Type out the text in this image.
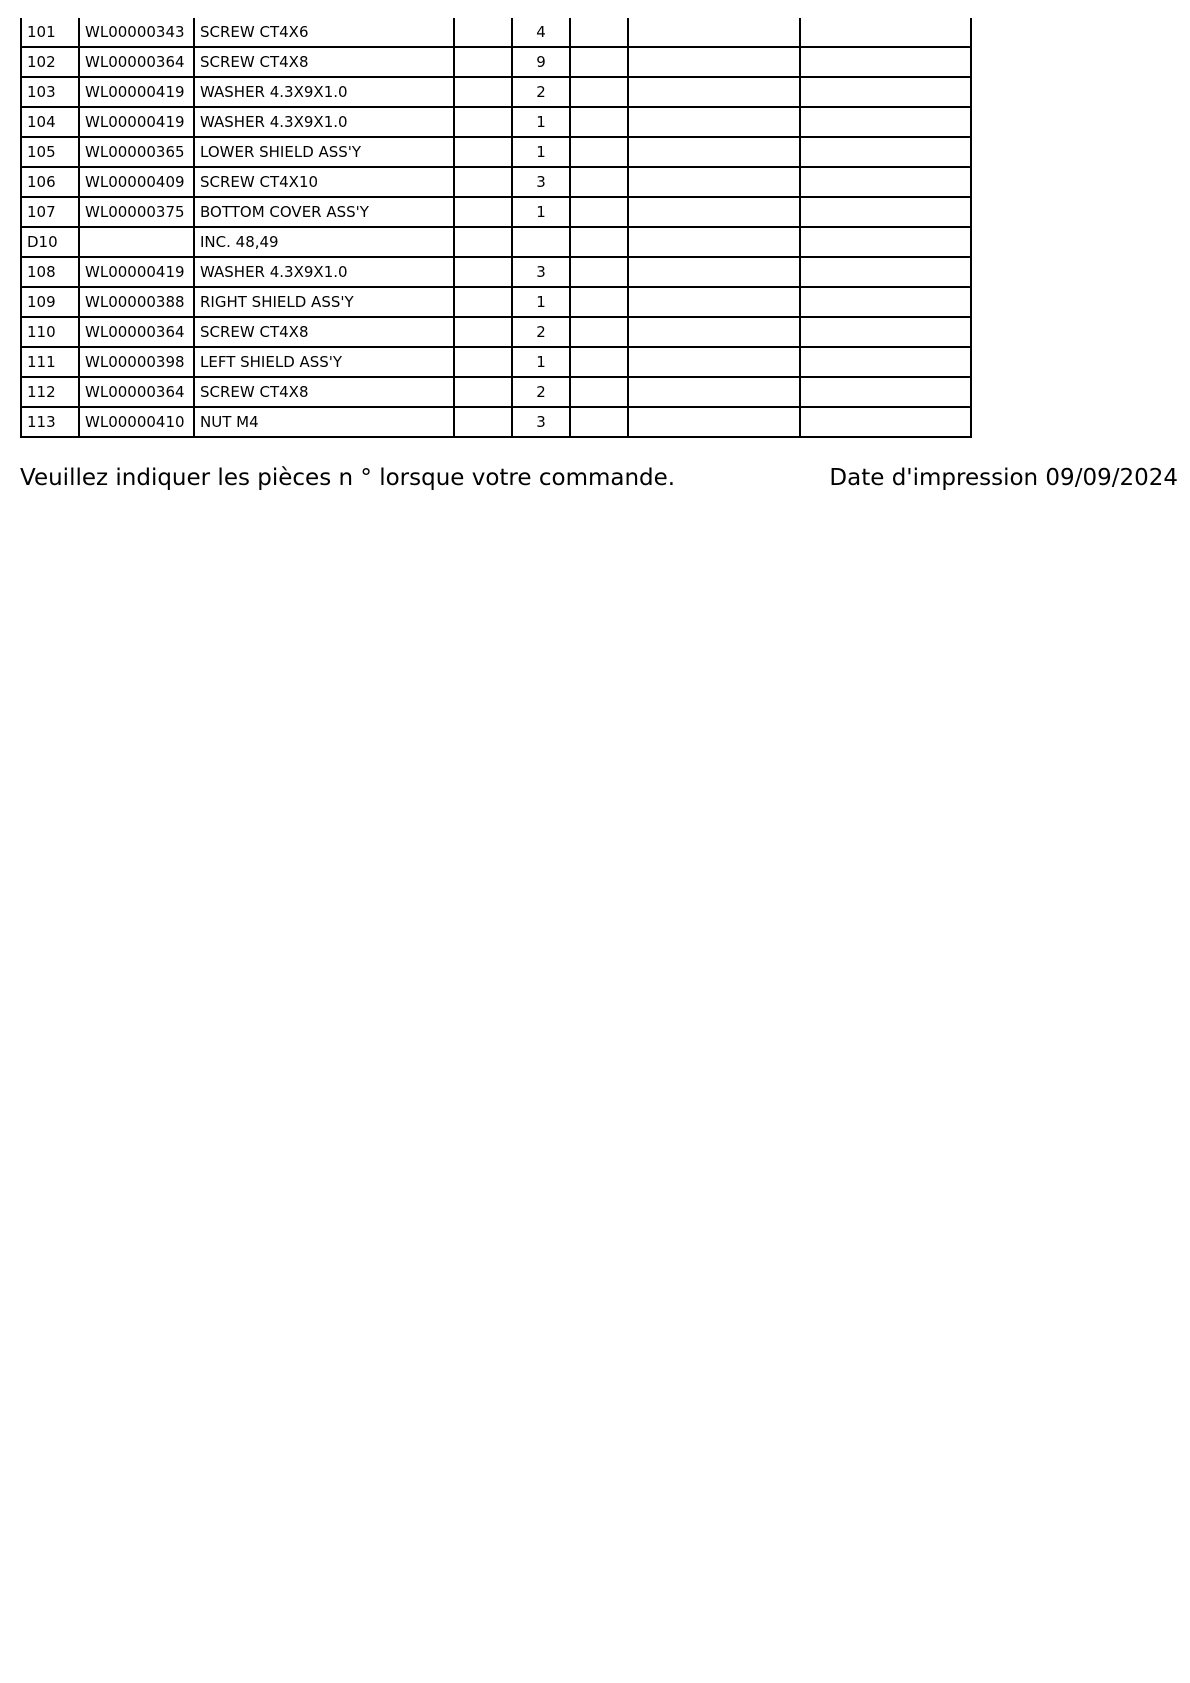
101	WL00000343	SCREW CT4X6		4			
102	WL00000364	SCREW CT4X8		9			
103	WL00000419	WASHER 4.3X9X1.0		2			
104	WL00000419	WASHER 4.3X9X1.0		1			
105	WL00000365	LOWER SHIELD ASS'Y		1			
106	WL00000409	SCREW CT4X10		3			
107	WL00000375	BOTTOM COVER ASS'Y		1			
D10		INC. 48,49					
108	WL00000419	WASHER 4.3X9X1.0		3			
109	WL00000388	RIGHT SHIELD ASS'Y		1			
110	WL00000364	SCREW CT4X8		2			
111	WL00000398	LEFT SHIELD ASS'Y		1			
112	WL00000364	SCREW CT4X8		2			
113	WL00000410	NUT M4		3			
Veuillez indiquer les pièces n ° lorsque votre commande.	Date d'impression 09/09/2024
